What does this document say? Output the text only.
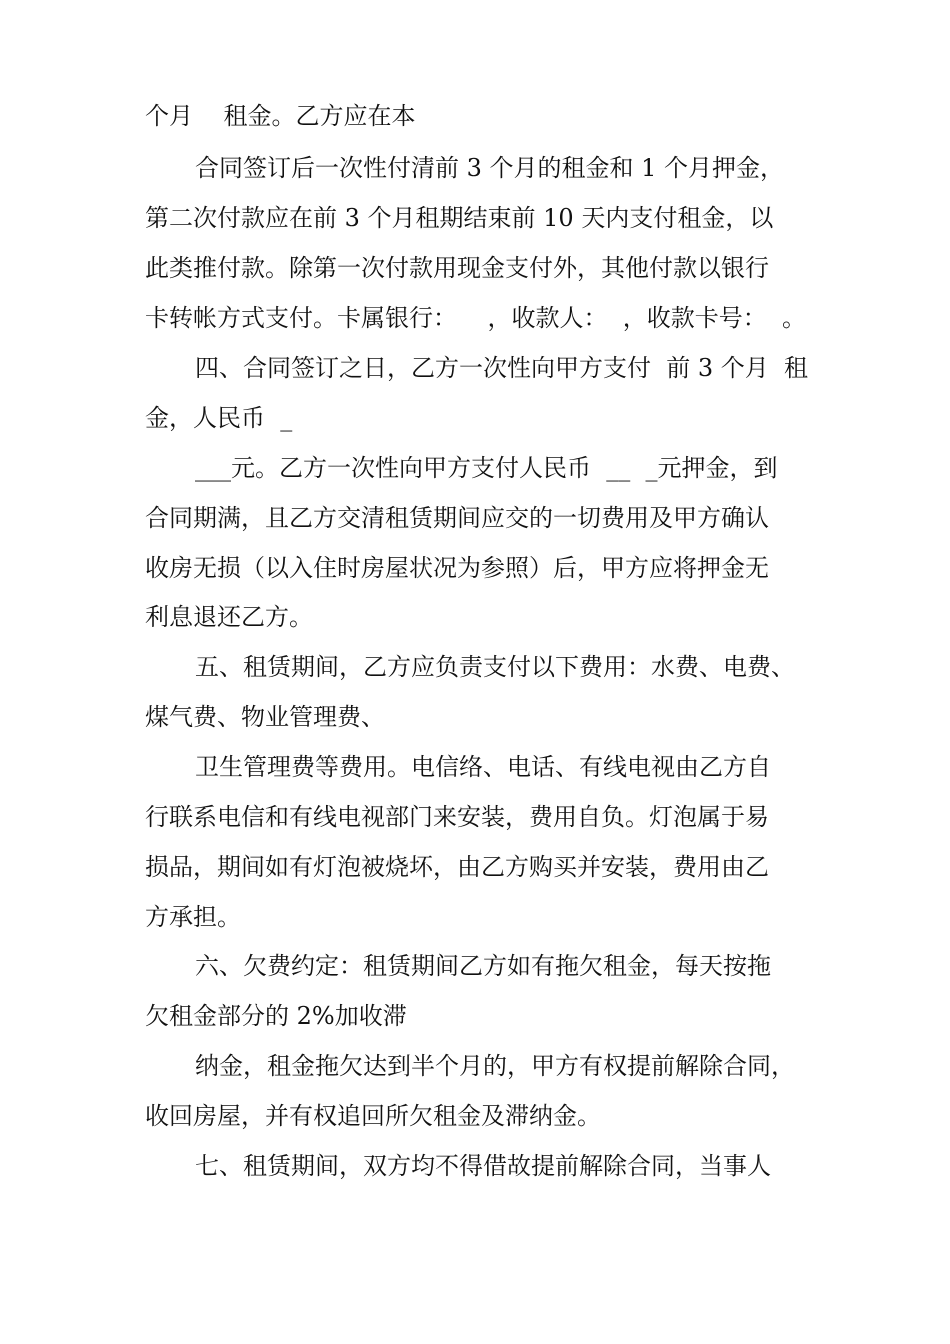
个月    租金。乙方应在本
合同签订后一次性付清前 3 个月的租金和 1 个月押金，
第二次付款应在前 3 个月租期结束前 10 天内支付租金，以
此类推付款。除第一次付款用现金支付外，其他付款以银行
卡转帐方式支付。卡属银行：    ，收款人：  ，收款卡号：  。
四、合同签订之日，乙方一次性向甲方支付  前 3 个月  租
金，人民币  _
___元。乙方一次性向甲方支付人民币  __  _元押金，到
合同期满，且乙方交清租赁期间应交的一切费用及甲方确认
收房无损（以入住时房屋状况为参照）后，甲方应将押金无
利息退还乙方。
五、租赁期间，乙方应负责支付以下费用：水费、电费、
煤气费、物业管理费、
卫生管理费等费用。电信络、电话、有线电视由乙方自
行联系电信和有线电视部门来安装，费用自负。灯泡属于易
损品，期间如有灯泡被烧坏，由乙方购买并安装，费用由乙
方承担。
六、欠费约定：租赁期间乙方如有拖欠租金，每天按拖
欠租金部分的 2%加收滞
纳金，租金拖欠达到半个月的，甲方有权提前解除合同，
收回房屋，并有权追回所欠租金及滞纳金。
七、租赁期间，双方均不得借故提前解除合同，当事人
